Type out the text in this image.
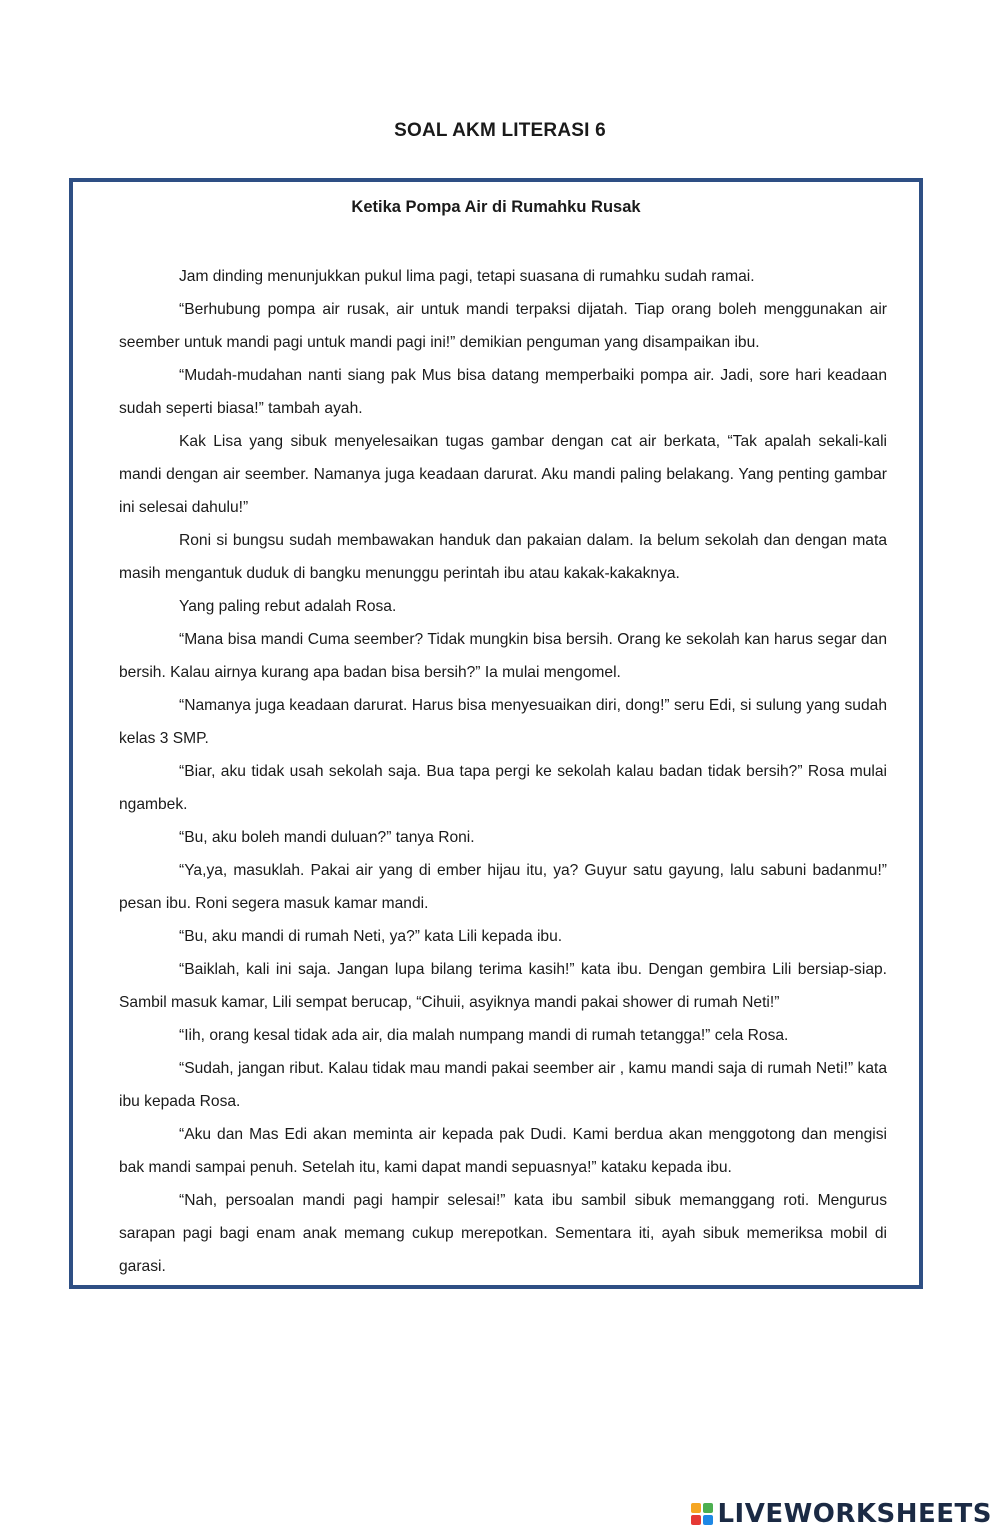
SOAL AKM LITERASI 6
Ketika Pompa Air di Rumahku Rusak

Jam dinding menunjukkan pukul lima pagi, tetapi suasana di rumahku sudah ramai.

“Berhubung pompa air rusak, air untuk mandi terpaksi dijatah. Tiap orang boleh menggunakan air seember untuk mandi pagi untuk mandi pagi ini!” demikian penguman yang disampaikan ibu.

“Mudah-mudahan nanti siang pak Mus bisa datang memperbaiki pompa air. Jadi, sore hari keadaan sudah seperti biasa!” tambah ayah.

Kak Lisa yang sibuk menyelesaikan tugas gambar dengan cat air berkata, “Tak apalah sekali-kali mandi dengan air seember. Namanya juga keadaan darurat. Aku mandi paling belakang. Yang penting gambar ini selesai dahulu!”

Roni si bungsu sudah membawakan handuk dan pakaian dalam. Ia belum sekolah dan dengan mata masih mengantuk duduk di bangku menunggu perintah ibu atau kakak-kakaknya.

Yang paling rebut adalah Rosa.

“Mana bisa mandi Cuma seember? Tidak mungkin bisa bersih. Orang ke sekolah kan harus segar dan bersih. Kalau airnya kurang apa badan bisa bersih?” Ia mulai mengomel.

“Namanya juga keadaan darurat. Harus bisa menyesuaikan diri, dong!” seru Edi, si sulung yang sudah kelas 3 SMP.

“Biar, aku tidak usah sekolah saja. Bua tapa pergi ke sekolah kalau badan tidak bersih?” Rosa mulai ngambek.

“Bu, aku boleh mandi duluan?” tanya Roni.

“Ya,ya, masuklah. Pakai air yang di ember hijau itu, ya? Guyur satu gayung, lalu sabuni badanmu!” pesan ibu. Roni segera masuk kamar mandi.

“Bu, aku mandi di rumah Neti, ya?” kata Lili kepada ibu.

“Baiklah, kali ini saja. Jangan lupa bilang terima kasih!” kata ibu. Dengan gembira Lili bersiap-siap. Sambil masuk kamar, Lili sempat berucap, “Cihuii, asyiknya mandi pakai shower di rumah Neti!”

“Iih, orang kesal tidak ada air, dia malah numpang mandi di rumah tetangga!” cela Rosa.

“Sudah, jangan ribut. Kalau tidak mau mandi pakai seember air , kamu mandi saja di rumah Neti!” kata ibu kepada Rosa.

“Aku dan Mas Edi akan meminta air kepada pak Dudi. Kami berdua akan menggotong dan mengisi bak mandi sampai penuh. Setelah itu, kami dapat mandi sepuasnya!” kataku kepada ibu.

“Nah, persoalan mandi pagi hampir selesai!” kata ibu sambil sibuk memanggang roti. Mengurus sarapan pagi bagi enam anak memang cukup merepotkan. Sementara iti, ayah sibuk memeriksa mobil di garasi.

LIVEWORKSHEETS
